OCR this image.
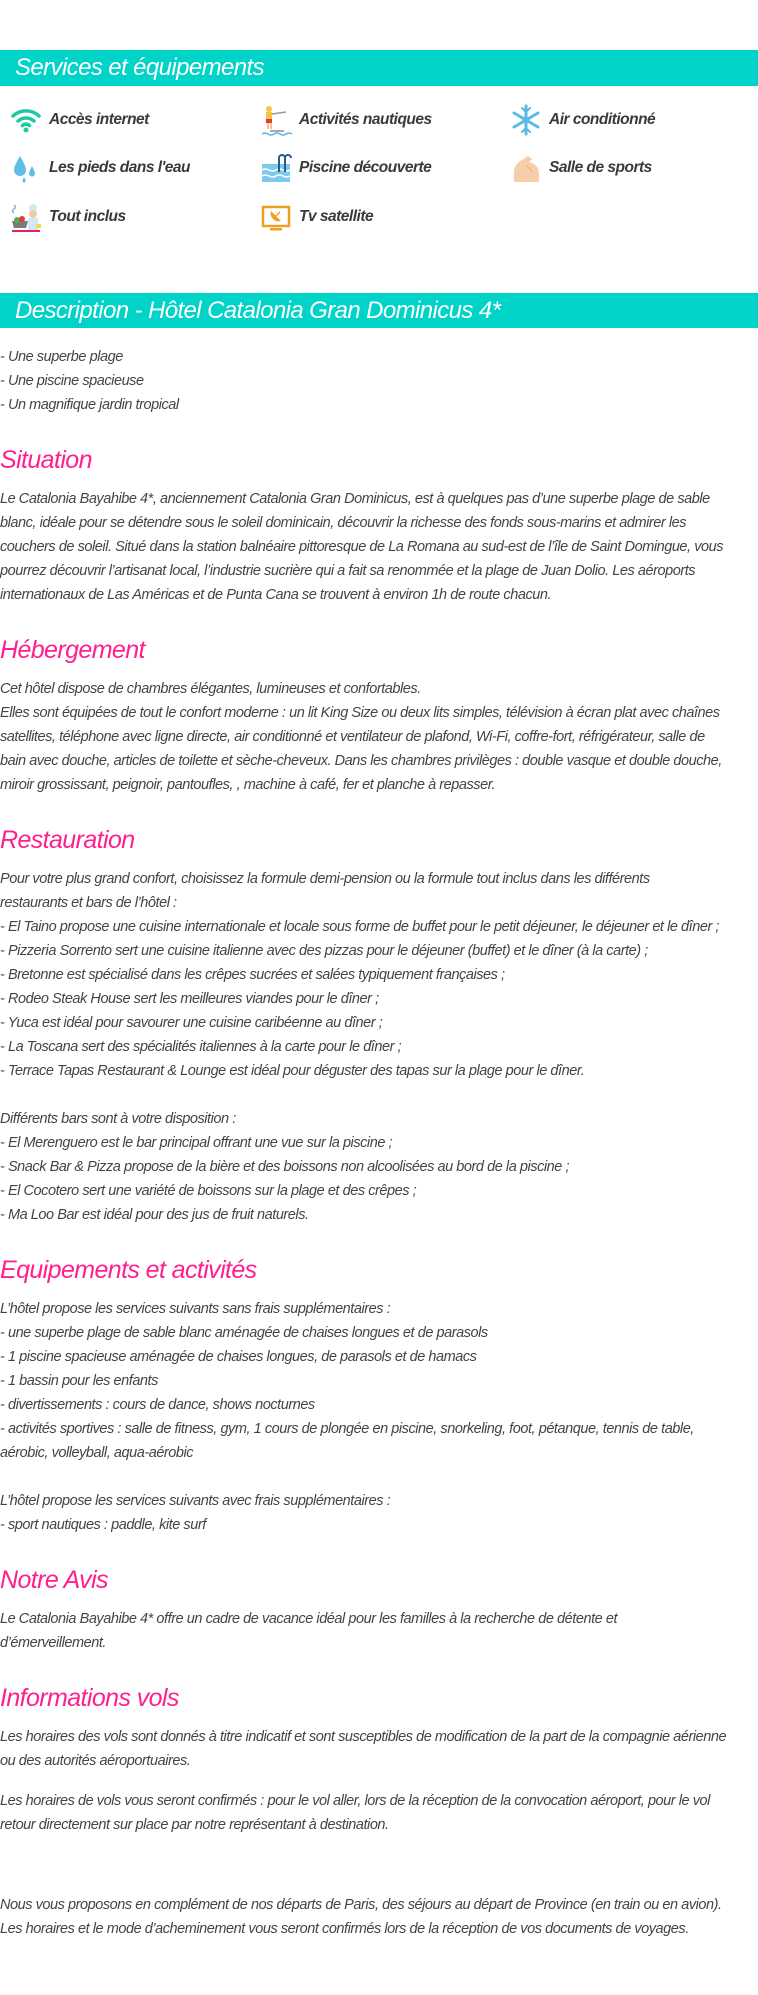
Services et équipements
Accès internet	Activités nautiques	Air conditionné
Les pieds dans l'eau	Piscine découverte	Salle de sports
Tout inclus	Tv satellite
Description - Hôtel Catalonia Gran Dominicus 4*
- Une superbe plage
- Une piscine spacieuse
- Un magnifique jardin tropical
Situation
Le Catalonia Bayahibe 4*, anciennement Catalonia Gran Dominicus, est à quelques pas d’une superbe plage de sable
blanc, idéale pour se détendre sous le soleil dominicain, découvrir la richesse des fonds sous-marins et admirer les
couchers de soleil. Situé dans la station balnéaire pittoresque de La Romana au sud-est de l’île de Saint Domingue, vous
pourrez découvrir l’artisanat local, l’industrie sucrière qui a fait sa renommée et la plage de Juan Dolio. Les aéroports
internationaux de Las Américas et de Punta Cana se trouvent à environ 1h de route chacun.
Hébergement
Cet hôtel dispose de chambres élégantes, lumineuses et confortables.
Elles sont équipées de tout le confort moderne : un lit King Size ou deux lits simples, télévision à écran plat avec chaînes
satellites, téléphone avec ligne directe, air conditionné et ventilateur de plafond, Wi-Fi, coffre-fort, réfrigérateur, salle de
bain avec douche, articles de toilette et sèche-cheveux. Dans les chambres privilèges : double vasque et double douche,
miroir grossissant, peignoir, pantoufles, , machine à café, fer et planche à repasser.
Restauration
Pour votre plus grand confort, choisissez la formule demi-pension ou la formule tout inclus dans les différents
restaurants et bars de l’hôtel :
- El Taino propose une cuisine internationale et locale sous forme de buffet pour le petit déjeuner, le déjeuner et le dîner ;
- Pizzeria Sorrento sert une cuisine italienne avec des pizzas pour le déjeuner (buffet) et le dîner (à la carte) ;
- Bretonne est spécialisé dans les crêpes sucrées et salées typiquement françaises ;
- Rodeo Steak House sert les meilleures viandes pour le dîner ;
- Yuca est idéal pour savourer une cuisine caribéenne au dîner ;
- La Toscana sert des spécialités italiennes à la carte pour le dîner ;
- Terrace Tapas Restaurant & Lounge est idéal pour déguster des tapas sur la plage pour le dîner.
Différents bars sont à votre disposition :
- El Merenguero est le bar principal offrant une vue sur la piscine ;
- Snack Bar & Pizza propose de la bière et des boissons non alcoolisées au bord de la piscine ;
- El Cocotero sert une variété de boissons sur la plage et des crêpes ;
- Ma Loo Bar est idéal pour des jus de fruit naturels.
Equipements et activités
L’hôtel propose les services suivants sans frais supplémentaires :
- une superbe plage de sable blanc aménagée de chaises longues et de parasols
- 1 piscine spacieuse aménagée de chaises longues, de parasols et de hamacs
- 1 bassin pour les enfants
- divertissements : cours de dance, shows nocturnes
- activités sportives : salle de fitness, gym, 1 cours de plongée en piscine, snorkeling, foot, pétanque, tennis de table,
aérobic, volleyball, aqua-aérobic
L’hôtel propose les services suivants avec frais supplémentaires :
- sport nautiques : paddle, kite surf
Notre Avis
Le Catalonia Bayahibe 4* offre un cadre de vacance idéal pour les familles à la recherche de détente et
d’émerveillement.
Informations vols
Les horaires des vols sont donnés à titre indicatif et sont susceptibles de modification de la part de la compagnie aérienne
ou des autorités aéroportuaires.
Les horaires de vols vous seront confirmés : pour le vol aller, lors de la réception de la convocation aéroport, pour le vol
retour directement sur place par notre représentant à destination.
Nous vous proposons en complément de nos départs de Paris, des séjours au départ de Province (en train ou en avion).
Les horaires et le mode d’acheminement vous seront confirmés lors de la réception de vos documents de voyages.
